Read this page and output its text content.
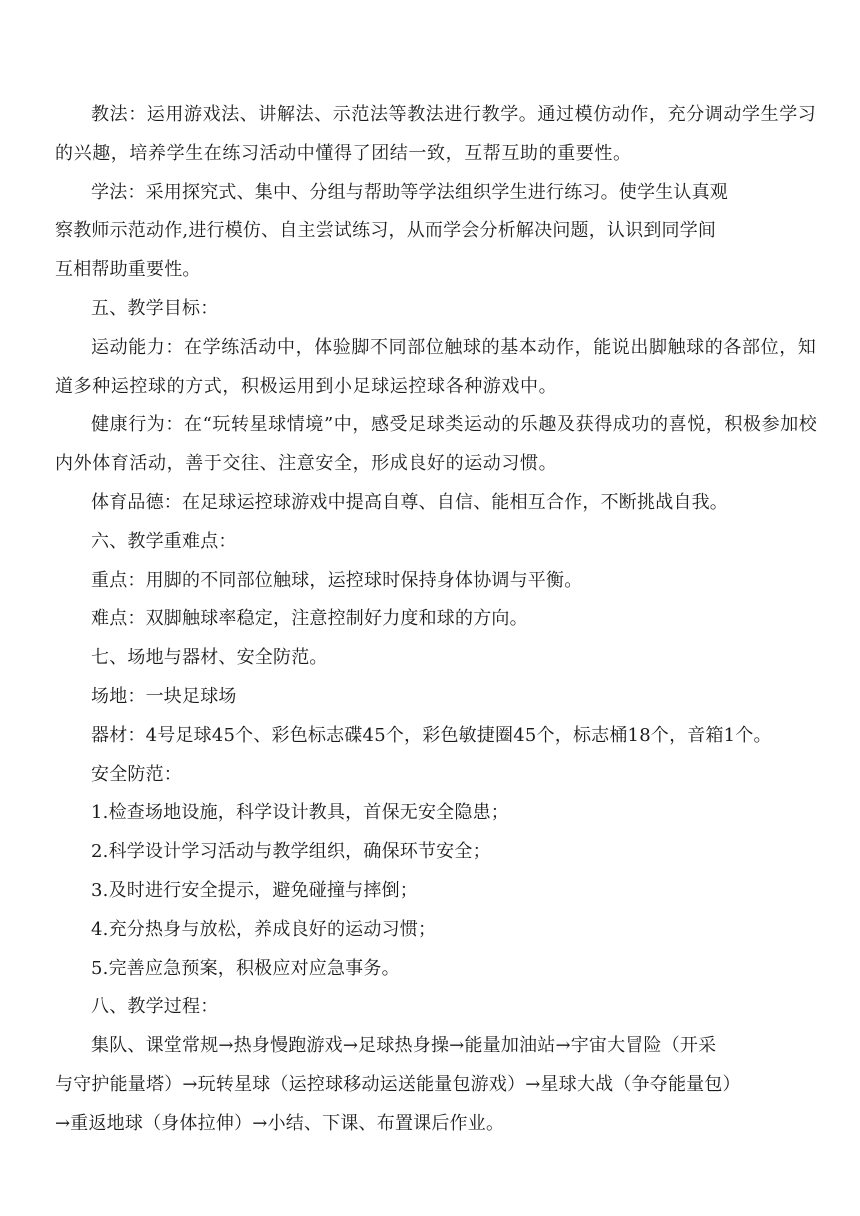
教法：运用游戏法、讲解法、示范法等教法进行教学。通过模仿动作，充分调动学生学习的兴趣，培养学生在练习活动中懂得了团结一致，互帮互助的重要性。

学法：采用探究式、集中、分组与帮助等学法组织学生进行练习。使学生认真观
察教师示范动作,进行模仿、自主尝试练习，从而学会分析解决问题，认识到同学间
互相帮助重要性。

五、教学目标：

运动能力：在学练活动中，体验脚不同部位触球的基本动作，能说出脚触球的各部位，知道多种运控球的方式，积极运用到小足球运控球各种游戏中。

健康行为：在“玩转星球情境”中，感受足球类运动的乐趣及获得成功的喜悦，积极参加校内外体育活动，善于交往、注意安全，形成良好的运动习惯。

体育品德：在足球运控球游戏中提高自尊、自信、能相互合作，不断挑战自我。

六、教学重难点：

重点：用脚的不同部位触球，运控球时保持身体协调与平衡。

难点：双脚触球率稳定，注意控制好力度和球的方向。

七、场地与器材、安全防范。

场地：一块足球场

器材：4号足球45个、彩色标志碟45个，彩色敏捷圈45个，标志桶18个，音箱1个。

安全防范：

1.检查场地设施，科学设计教具，首保无安全隐患；

2.科学设计学习活动与教学组织，确保环节安全；

3.及时进行安全提示，避免碰撞与摔倒；

4.充分热身与放松，养成良好的运动习惯；

5.完善应急预案，积极应对应急事务。

八、教学过程：

集队、课堂常规→热身慢跑游戏→足球热身操→能量加油站→宇宙大冒险（开采
与守护能量塔）→玩转星球（运控球移动运送能量包游戏）→星球大战（争夺能量包）
→重返地球（身体拉伸）→小结、下课、布置课后作业。
